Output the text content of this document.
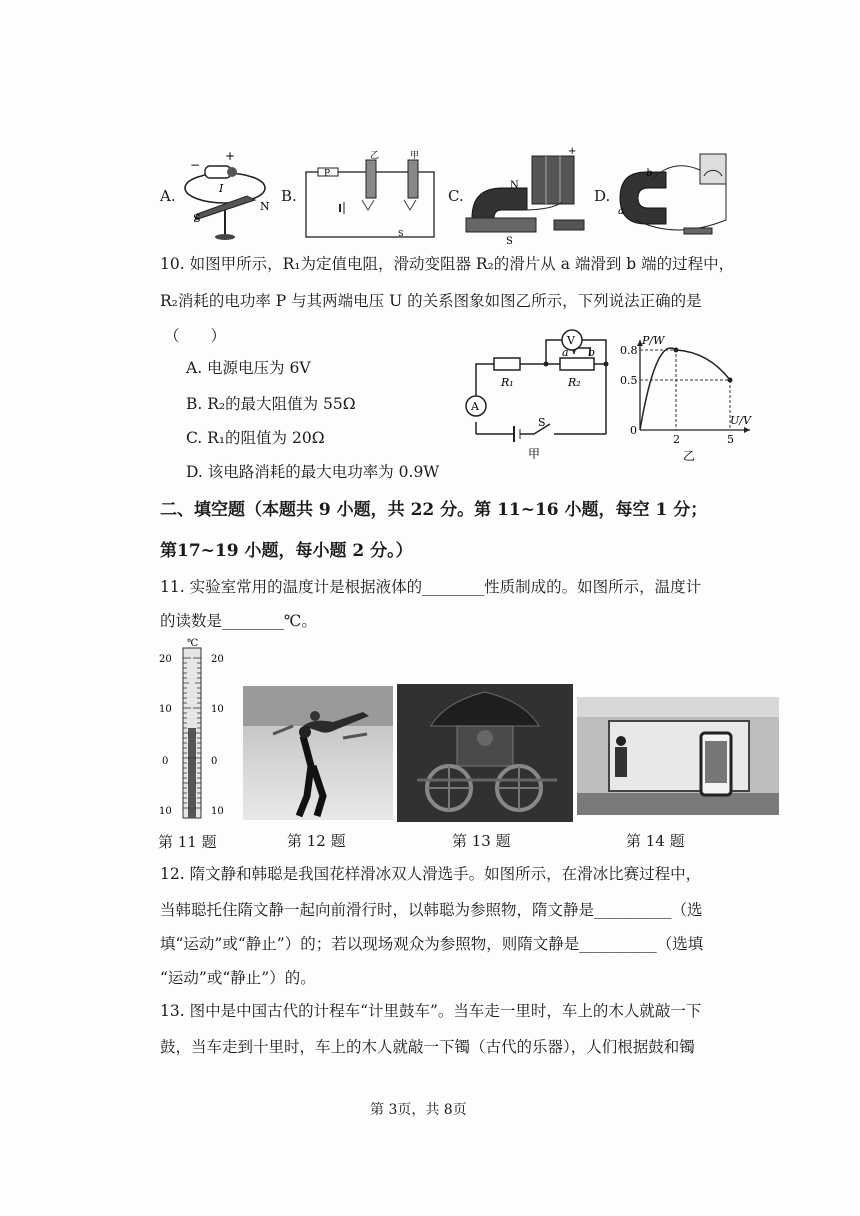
A.
−
+
I
S
N
B.
P
乙	甲
S
C.
+
N
S
D.
b
a
10. 如图甲所示，R₁为定值电阻，滑动变阻器 R₂的滑片从 a 端滑到 b 端的过程中，
R₂消耗的电功率 P 与其两端电压 U 的关系图象如图乙所示，下列说法正确的是
（　　）
A. 电源电压为 6V
B. R₂的最大阻值为 55Ω
C. R₁的阻值为 20Ω
D. 该电路消耗的最大电功率为 0.9W
V
A
R₁	R₂
a b
S
甲
P/W
U/V
0
2	5
0.5
0.8
乙
二、填空题（本题共 9 小题，共 22 分。第 11~16 小题，每空 1 分；
第17~19 小题，每小题 2 分。）
11. 实验室常用的温度计是根据液体的________性质制成的。如图所示，温度计
的读数是________℃。
℃
20
10
0
10
20
10
0
10
第 11 题	第 12 题	第 13 题	第 14 题
12. 隋文静和韩聪是我国花样滑冰双人滑选手。如图所示，在滑冰比赛过程中，
当韩聪托住隋文静一起向前滑行时，以韩聪为参照物，隋文静是__________（选
填“运动”或“静止”）的；若以现场观众为参照物，则隋文静是__________（选填
“运动”或“静止”）的。
13. 图中是中国古代的计程车“计里鼓车”。当车走一里时，车上的木人就敲一下
鼓，当车走到十里时，车上的木人就敲一下镯（古代的乐器），人们根据鼓和镯
第 3页，共 8页
